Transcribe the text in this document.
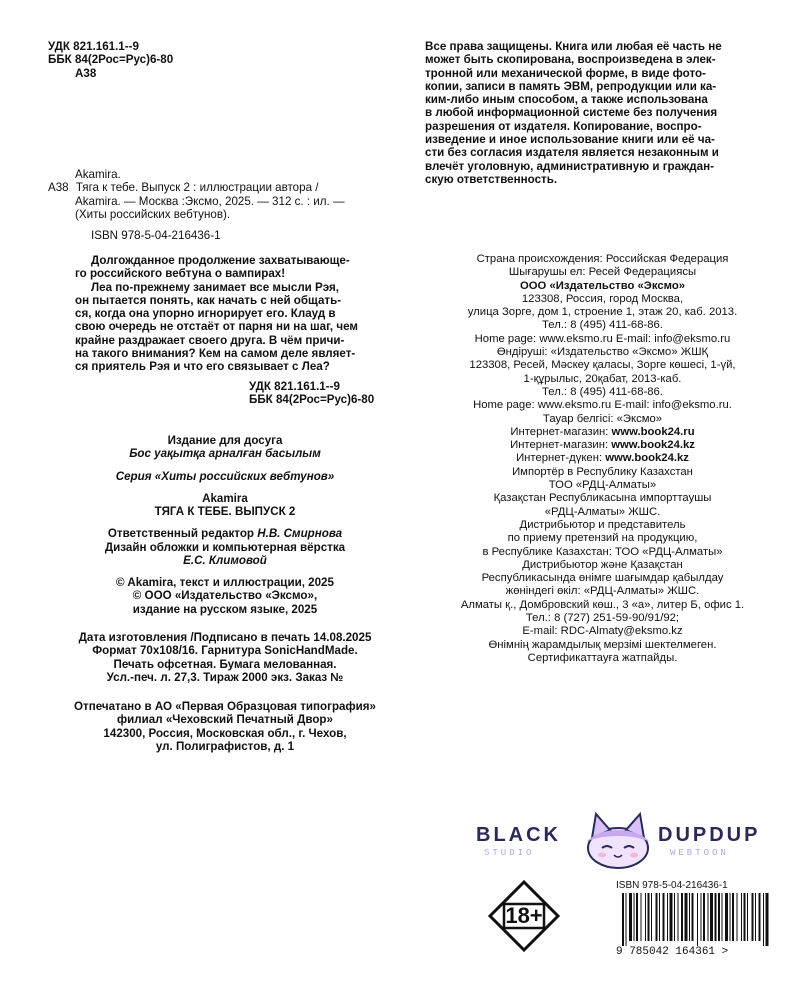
УДК 821.161.1--9
ББК 84(2Рос=Рус)6-80
А38
Akamira.
А38 Тяга к тебе. Выпуск 2 : иллюстрации автора /
Akamira. — Москва :Эксмо, 2025. — 312 с. : ил. —
(Хиты российских вебтунов).
ISBN 978-5-04-216436-1
Долгожданное продолжение захватывающе-
го российского вебтуна о вампирах!
Леа по-прежнему занимает все мысли Рэя,
он пытается понять, как начать с ней общать-
ся, когда она упорно игнорирует его. Клауд в
свою очередь не отстаёт от парня ни на шаг, чем
крайне раздражает своего друга. В чём причи-
на такого внимания? Кем на самом деле являет-
ся приятель Рэя и что его связывает с Леа?
УДК 821.161.1--9
ББК 84(2Рос=Рус)6-80
Издание для досуга
Бос уақытқа арналған басылым
Серия «Хиты российских вебтунов»
Akamira
ТЯГА К ТЕБЕ. ВЫПУСК 2
Ответственный редактор Н.В. Смирнова
Дизайн обложки и компьютерная вёрстка
Е.С. Климовой
© Akamira, текст и иллюстрации, 2025
© ООО «Издательство «Эксмо»,
издание на русском языке, 2025
Дата изготовления /Подписано в печать 14.08.2025
Формат 70x108/16. Гарнитура SonicHandMade.
Печать офсетная. Бумага мелованная.
Усл.-печ. л. 27,3. Тираж 2000 экз. Заказ №
Отпечатано в АО «Первая Образцовая типография»
филиал «Чеховский Печатный Двор»
142300, Россия, Московская обл., г. Чехов,
ул. Полиграфистов, д. 1
Все права защищены. Книга или любая её часть не
может быть скопирована, воспроизведена в элек-
тронной или механической форме, в виде фото-
копии, записи в память ЭВМ, репродукции или ка-
ким-либо иным способом, а также использована
в любой информационной системе без получения
разрешения от издателя. Копирование, воспро-
изведение и иное использование книги или её ча-
сти без согласия издателя является незаконным и
влечёт уголовную, административную и граждан-
скую ответственность.
Страна происхождения: Российская Федерация
Шығарушы ел: Ресей Федерациясы
ООО «Издательство «Эксмо»
123308, Россия, город Москва,
улица Зорге, дом 1, строение 1, этаж 20, каб. 2013.
Тел.: 8 (495) 411-68-86.
Home page: www.eksmo.ru E-mail: info@eksmo.ru
Өндіруші: «Издательство «Эксмо» ЖШҚ
123308, Ресей, Мәскеу қаласы, Зорге көшесі, 1-үй,
1-құрылыс, 20қабат, 2013-каб.
Тел.: 8 (495) 411-68-86.
Home page: www.eksmo.ru E-mail: info@eksmo.ru.
Тауар белгісі: «Эксмо»
Интернет-магазин: www.book24.ru
Интернет-магазин: www.book24.kz
Интернет-дүкен: www.book24.kz
Импортёр в Республику Казахстан
ТОО «РДЦ-Алматы»
Қазақстан Республикасына импорттаушы
«РДЦ-Алматы» ЖШС.
Дистрибьютор и представитель
по приему претензий на продукцию,
в Республике Казахстан: ТОО «РДЦ-Алматы»
Дистрибьютор және Қазақстан
Республикасында өнімге шағымдар қабылдау
жөніндегі өкіл: «РДЦ-Алматы» ЖШС.
Алматы қ., Домбровский көш., 3 «а», литер Б, офис 1.
Тел.: 8 (727) 251-59-90/91/92;
E-mail: RDC-Almaty@eksmo.kz
Өнімнің жарамдылық мерзімі шектелмеген.
Сертификаттауға жатпайды.
BLACK	DUPDUP
STUDIO	WEBTOON
18+
ISBN 978-5-04-216436-1
9 785042 164361 >
